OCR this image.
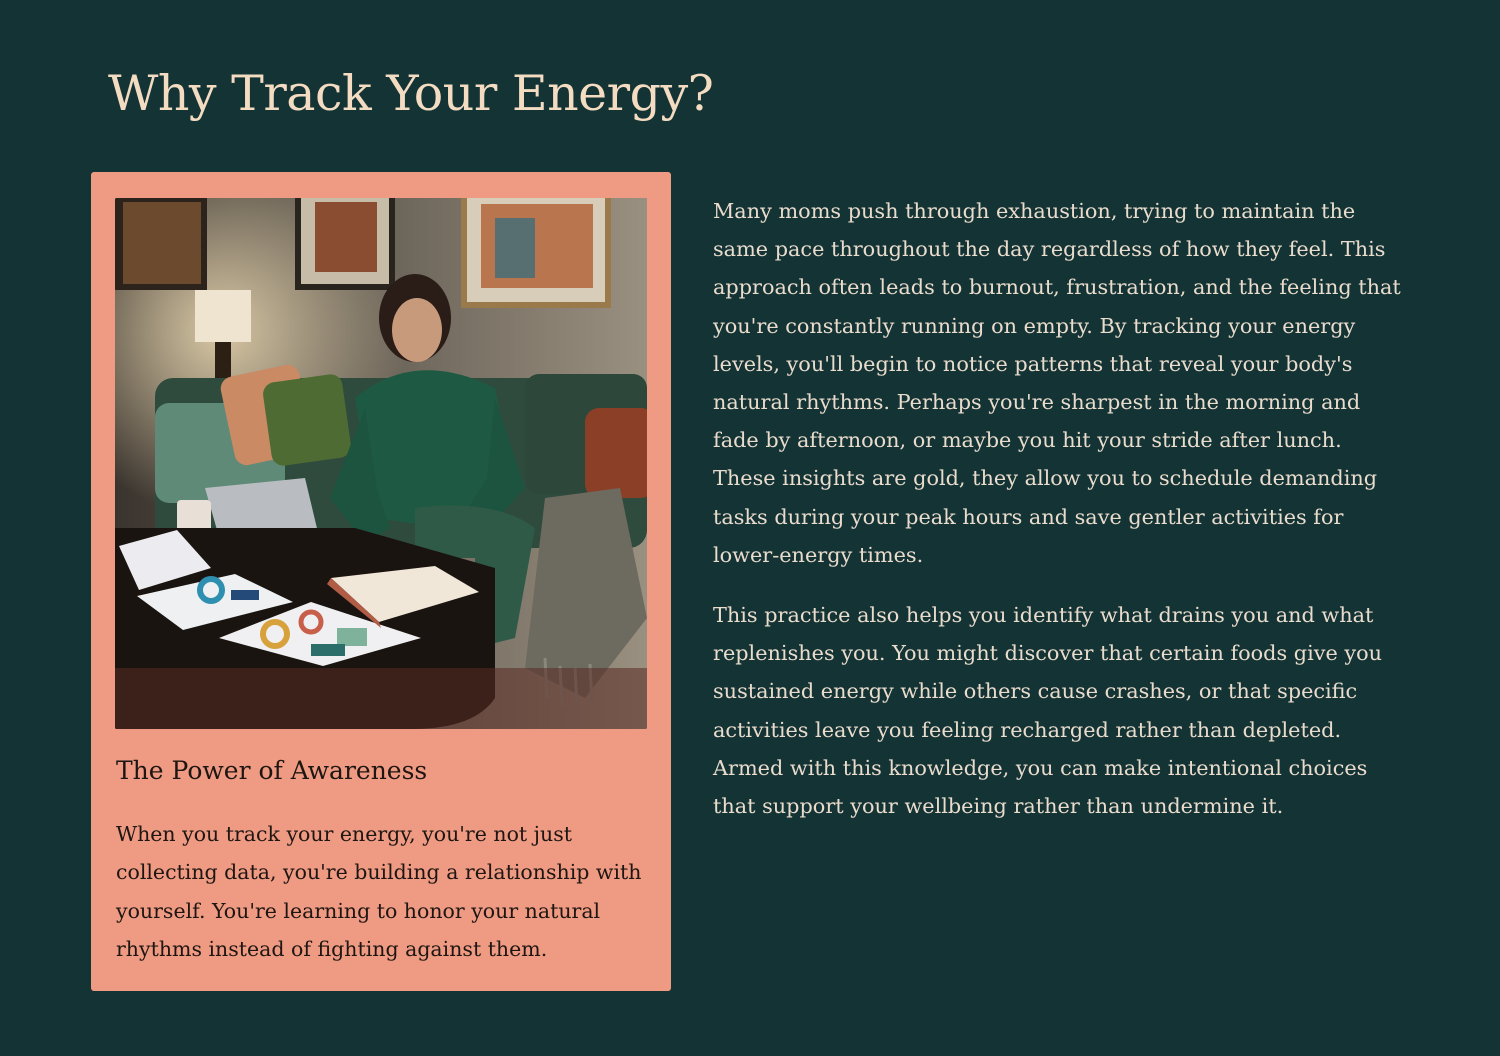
Why Track Your Energy?
The Power of Awareness

When you track your energy, you're not just collecting data, you're building a relationship with yourself. You're learning to honor your natural rhythms instead of fighting against them.

Many moms push through exhaustion, trying to maintain the same pace throughout the day regardless of how they feel. This approach often leads to burnout, frustration, and the feeling that you're constantly running on empty. By tracking your energy levels, you'll begin to notice patterns that reveal your body's natural rhythms. Perhaps you're sharpest in the morning and fade by afternoon, or maybe you hit your stride after lunch. These insights are gold, they allow you to schedule demanding tasks during your peak hours and save gentler activities for lower-energy times.

This practice also helps you identify what drains you and what replenishes you. You might discover that certain foods give you sustained energy while others cause crashes, or that specific activities leave you feeling recharged rather than depleted. Armed with this knowledge, you can make intentional choices that support your wellbeing rather than undermine it.
